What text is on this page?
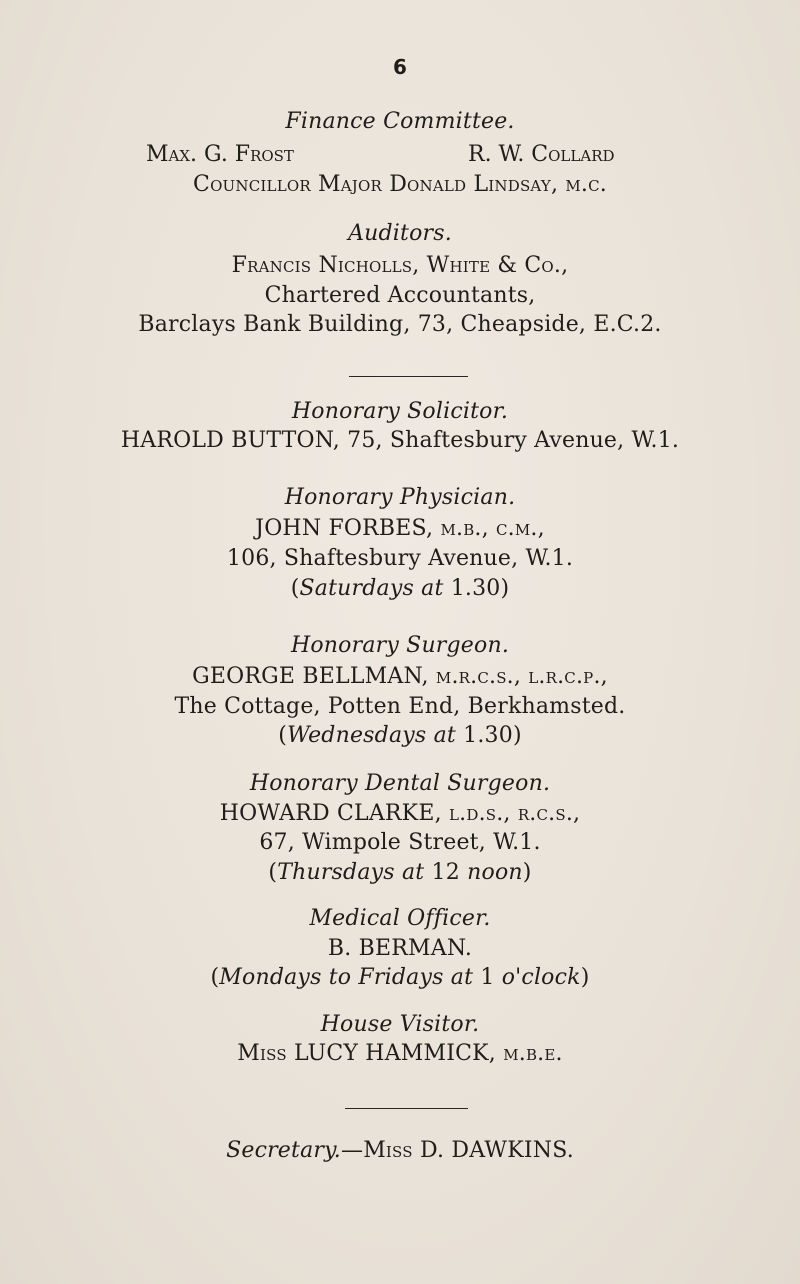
6
Finance Committee.
Max. G. Frost	R. W. Collard
Councillor Major Donald Lindsay, m.c.
Auditors.
Francis Nicholls, White & Co.,
Chartered Accountants,
Barclays Bank Building, 73, Cheapside, E.C.2.
Honorary Solicitor.
HAROLD BUTTON, 75, Shaftesbury Avenue, W.1.
Honorary Physician.
JOHN FORBES, m.b., c.m.,
106, Shaftesbury Avenue, W.1.
(Saturdays at 1.30)
Honorary Surgeon.
GEORGE BELLMAN, m.r.c.s., l.r.c.p.,
The Cottage, Potten End, Berkhamsted.
(Wednesdays at 1.30)
Honorary Dental Surgeon.
HOWARD CLARKE, l.d.s., r.c.s.,
67, Wimpole Street, W.1.
(Thursdays at 12 noon)
Medical Officer.
B. BERMAN.
(Mondays to Fridays at 1 o'clock)
House Visitor.
Miss LUCY HAMMICK, m.b.e.
Secretary.—Miss D. DAWKINS.
